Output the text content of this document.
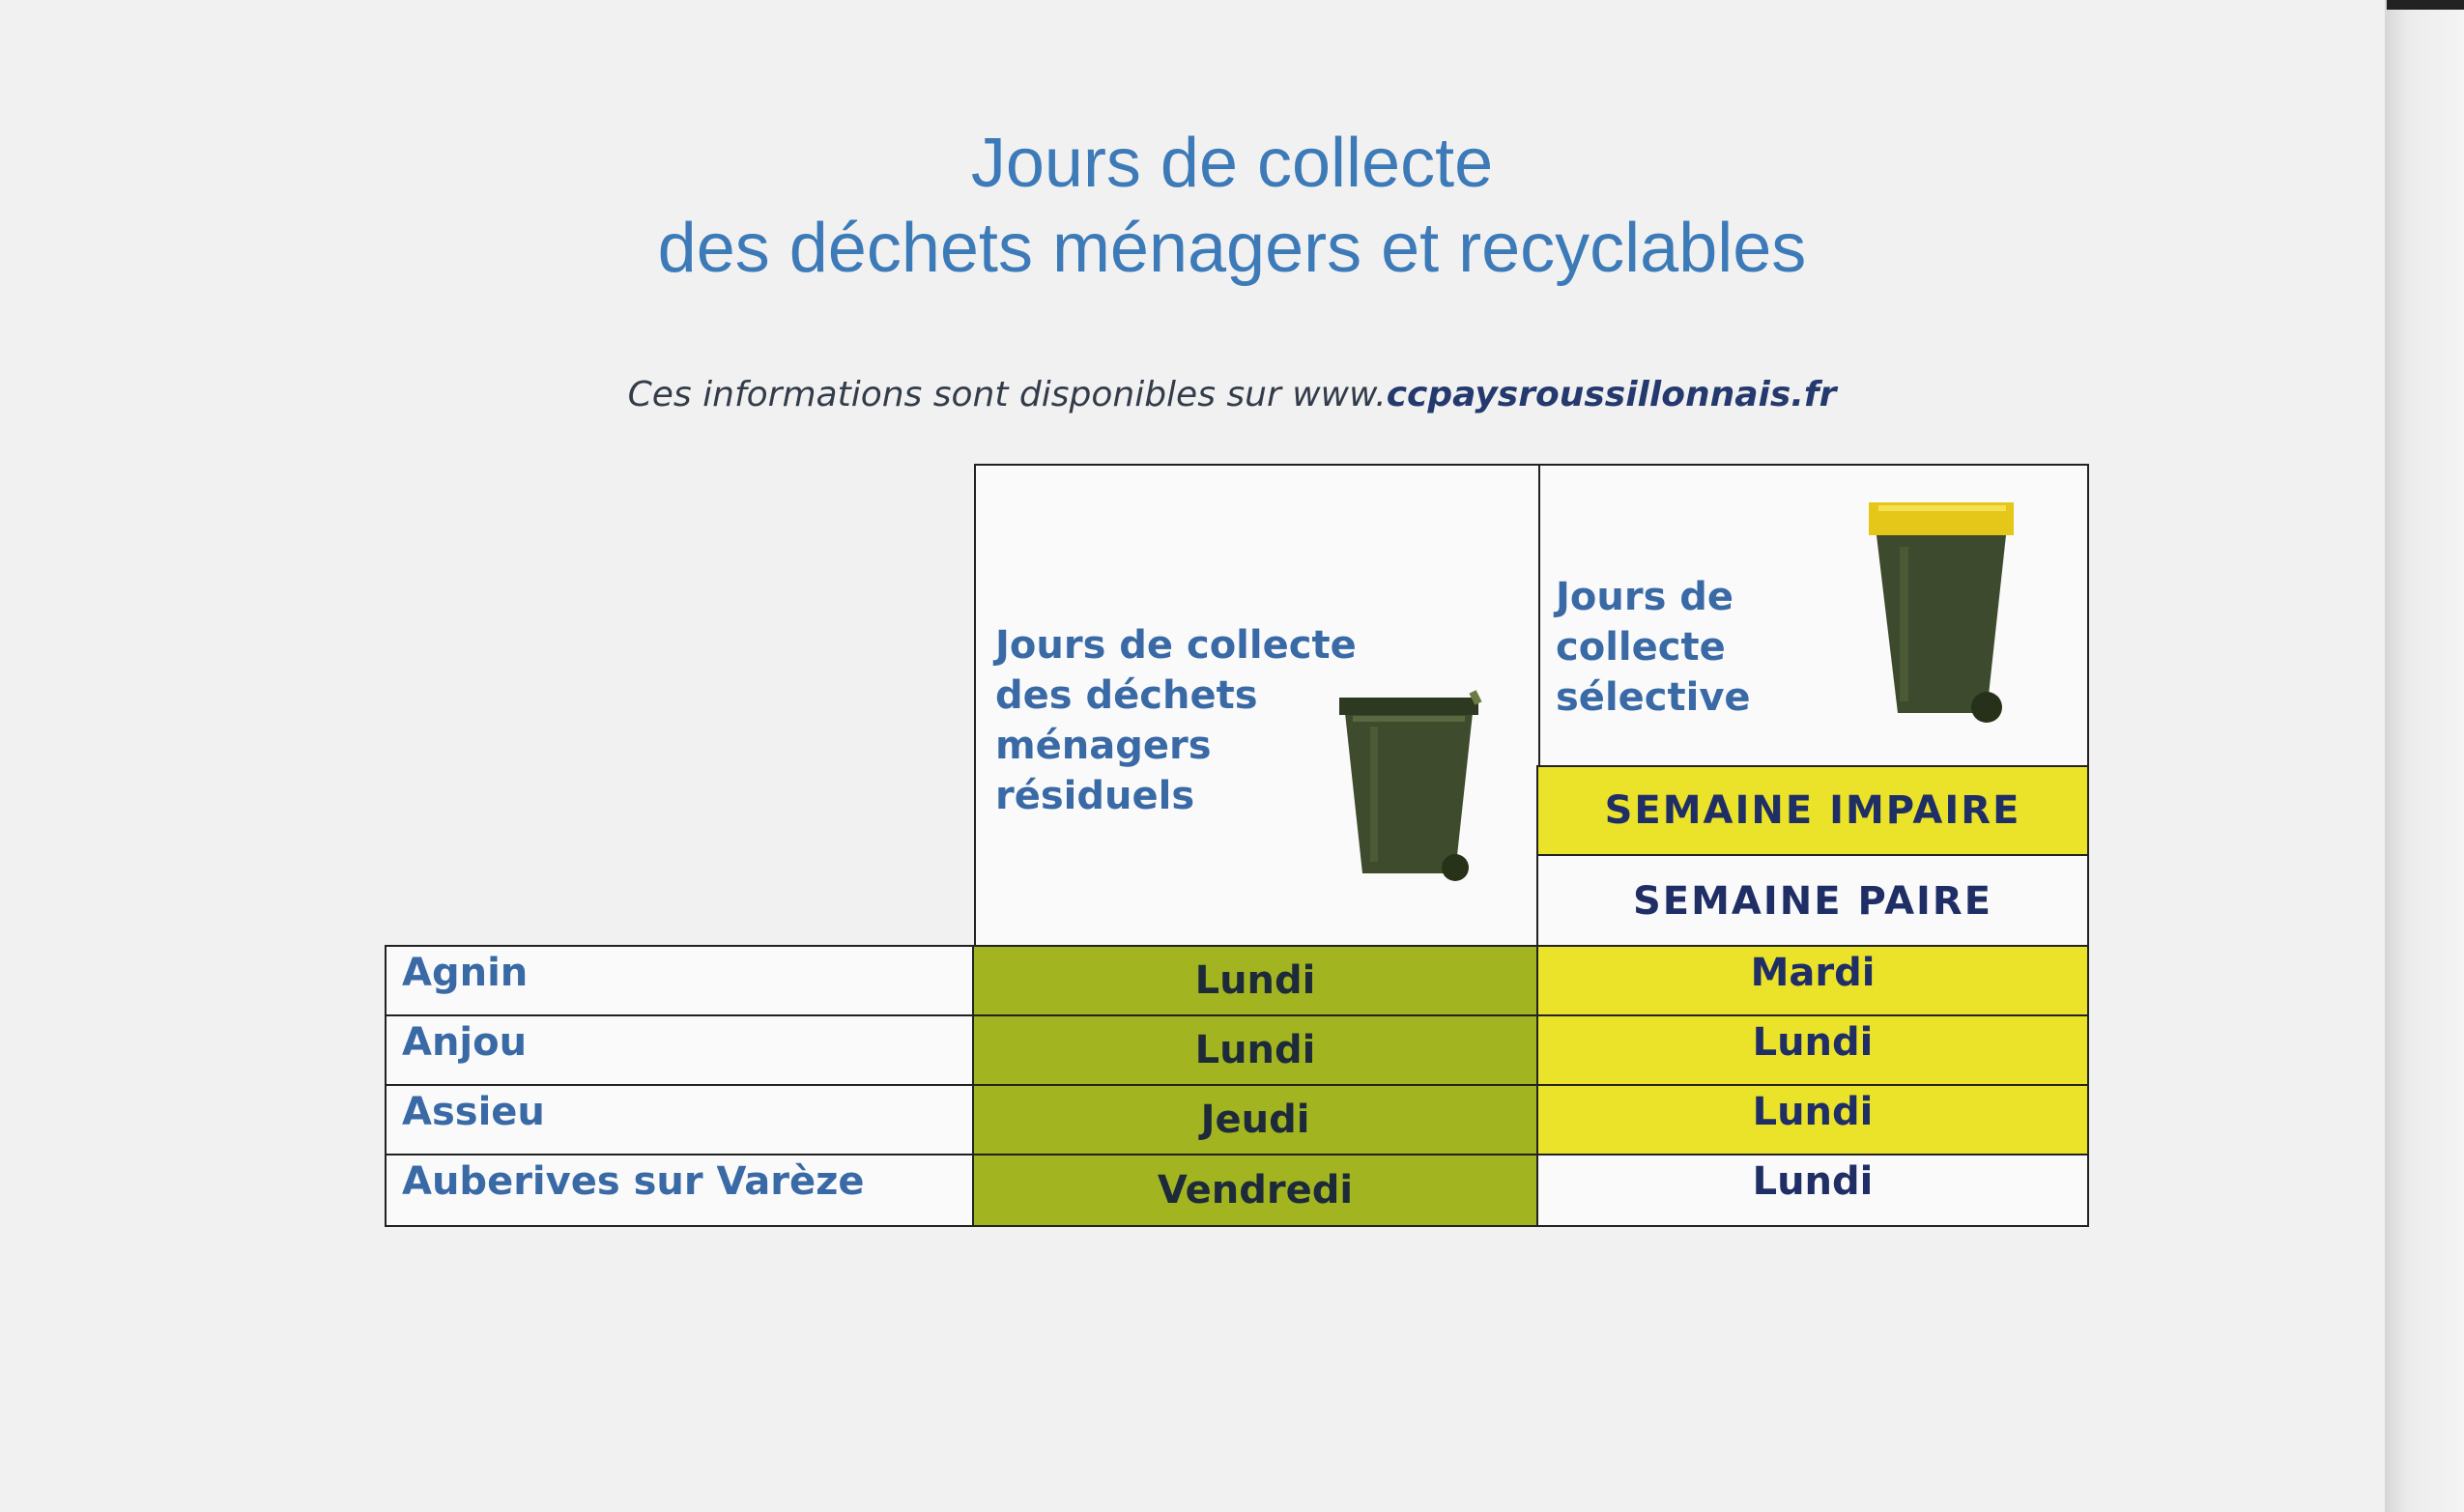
Jours de collecte
des déchets ménagers et recyclables
Ces informations sont disponibles sur www.ccpaysroussillonnais.fr
Jours de collecte
des déchets
ménagers
résiduels
Jours de
collecte
sélective
SEMAINE IMPAIRE
SEMAINE PAIRE
Agnin	Lundi	Mardi
Anjou	Lundi	Lundi
Assieu	Jeudi	Lundi
Auberives sur Varèze	Vendredi	Lundi
